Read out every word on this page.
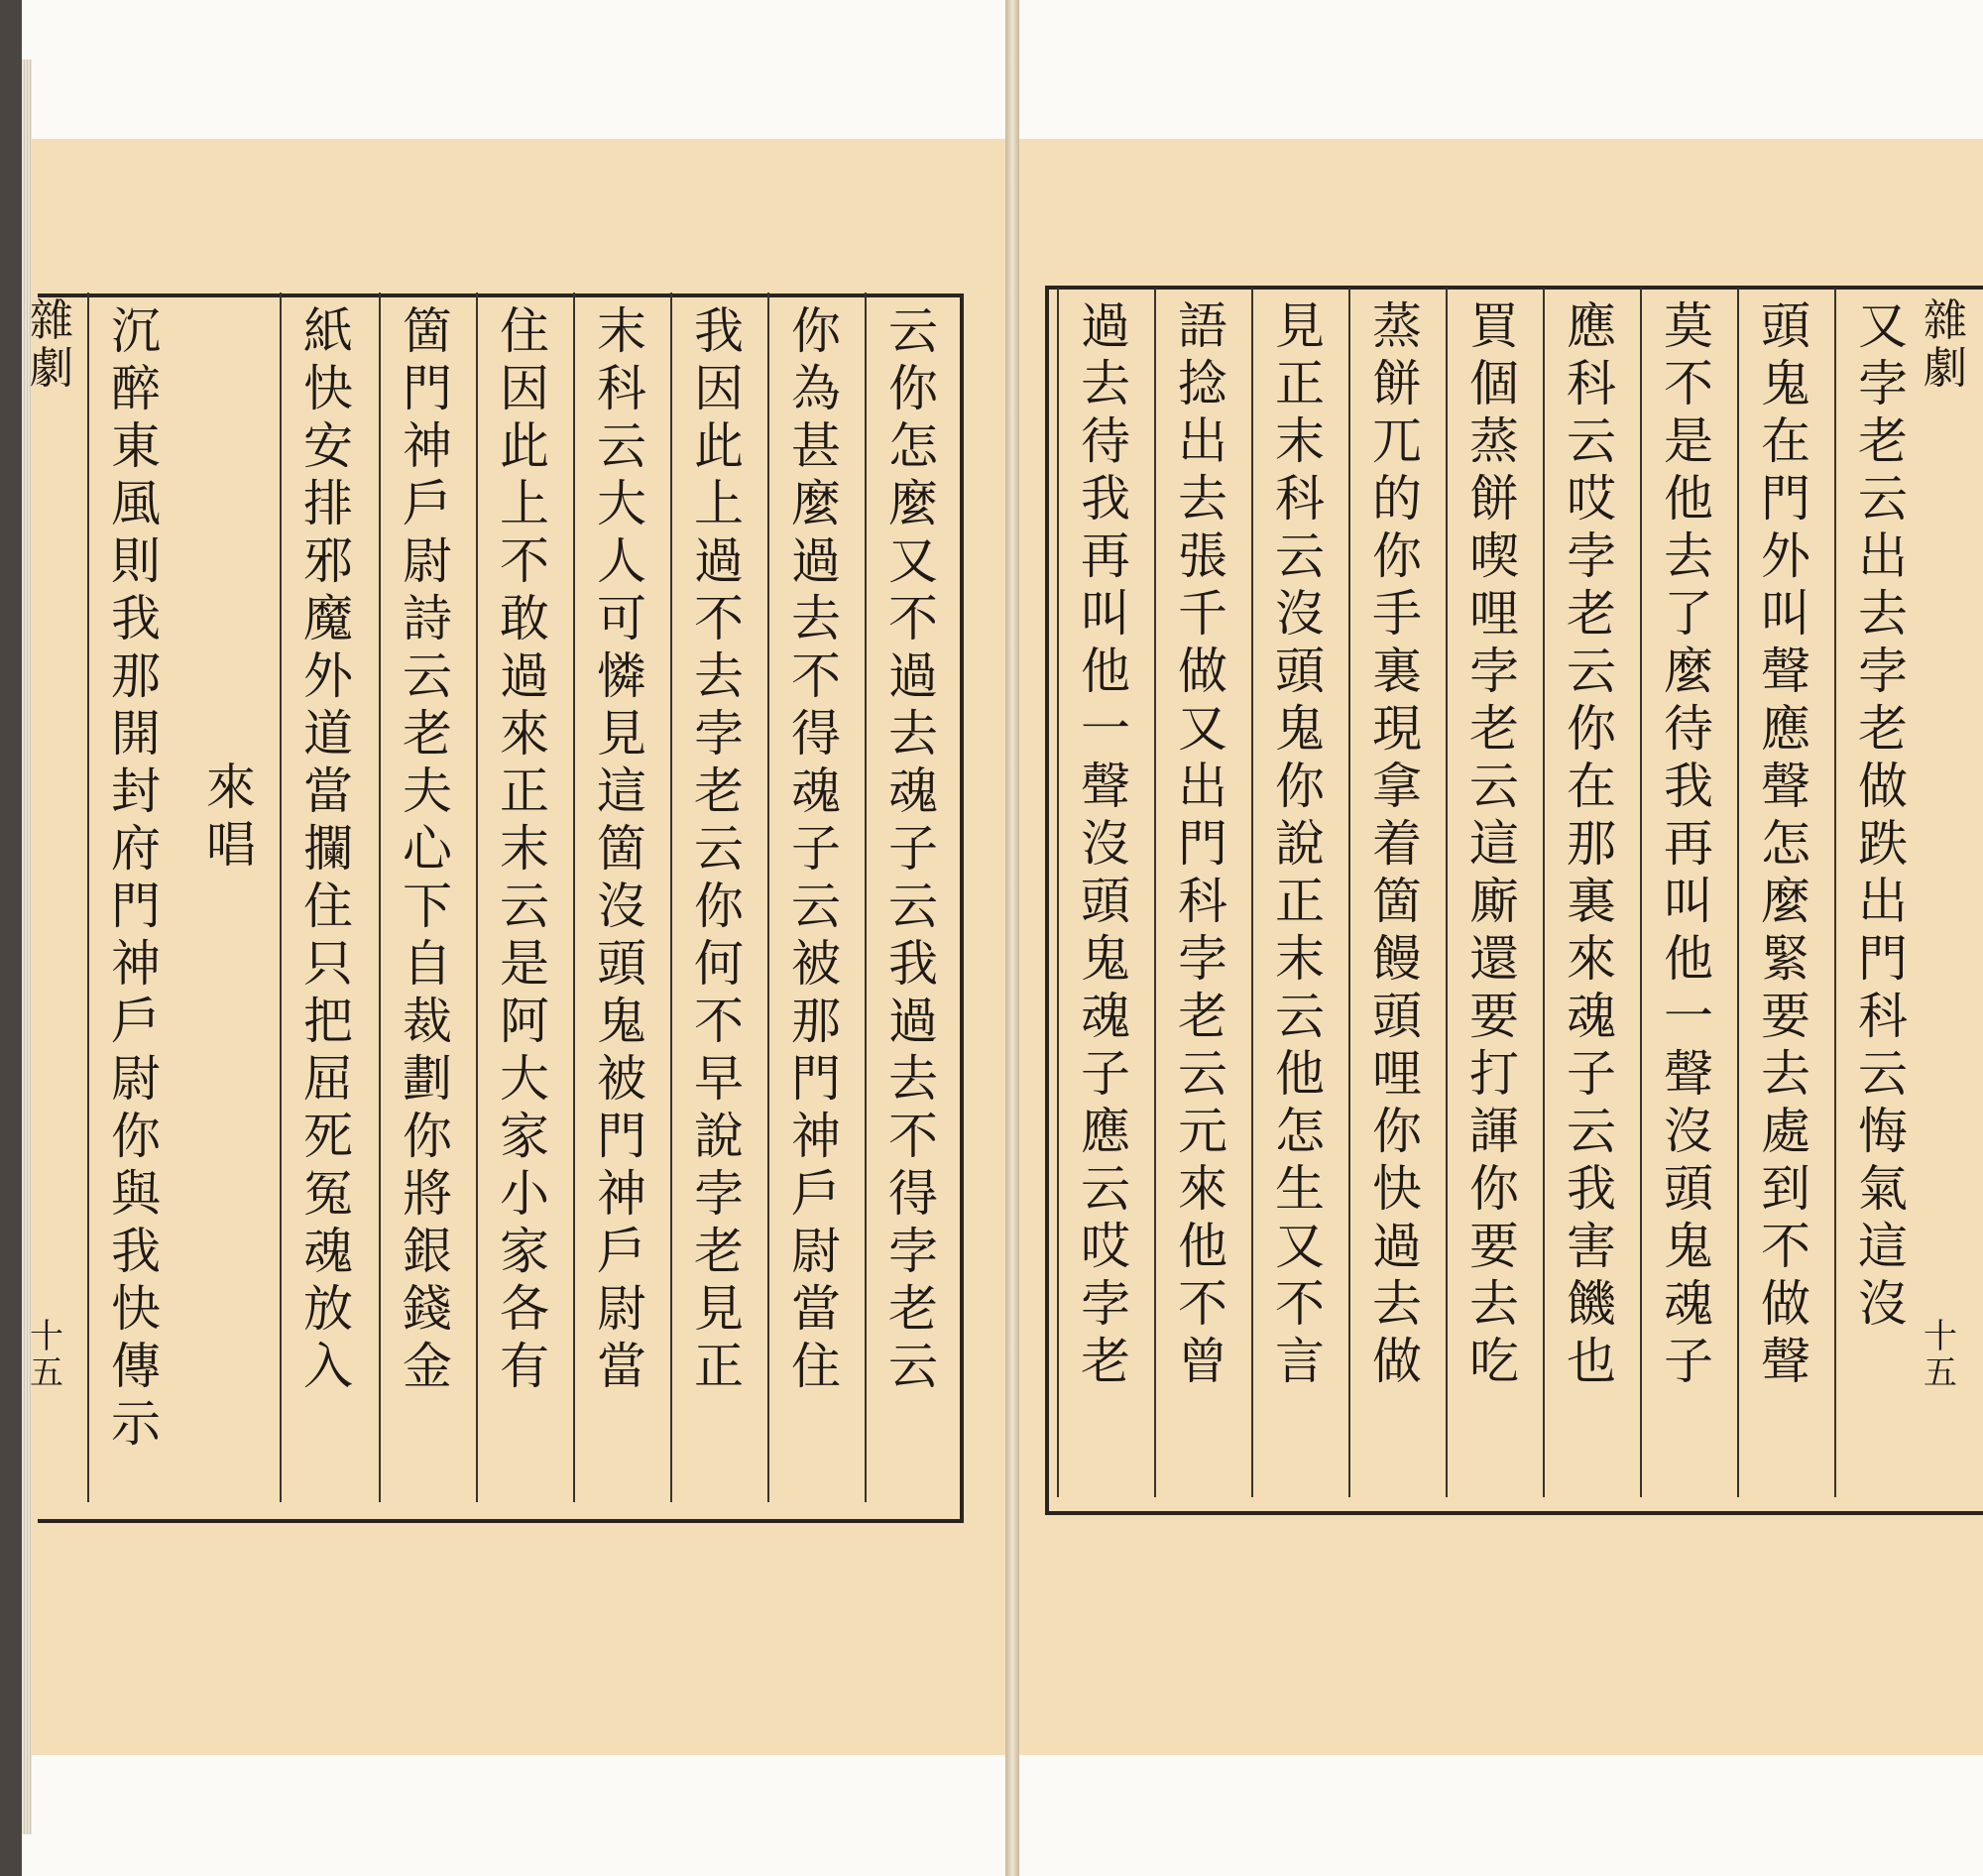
沉
醉
東
風
則
我
那
開
封
府
門
神
戶
尉
你
與
我
快
傳
示
紙
快
安
排
邪
魔
外
道
當
攔
住
只
把
屈
死
冤
魂
放
入
箇
門
神
戶
尉
詩
云
老
夫
心
下
自
裁
劃
你
將
銀
錢
金
住
因
此
上
不
敢
過
來
正
末
云
是
阿
大
家
小
家
各
有
末
科
云
大
人
可
憐
見
這
箇
沒
頭
鬼
被
門
神
戶
尉
當
我
因
此
上
過
不
去
孛
老
云
你
何
不
早
說
孛
老
見
正
你
為
甚
麼
過
去
不
得
魂
子
云
被
那
門
神
戶
尉
當
住
云
你
怎
麼
又
不
過
去
魂
子
云
我
過
去
不
得
孛
老
云
來
唱
又
孛
老
云
出
去
孛
老
做
跌
出
門
科
云
悔
氣
這
沒
頭
鬼
在
門
外
叫
聲
應
聲
怎
麼
緊
要
去
處
到
不
做
聲
莫
不
是
他
去
了
麼
待
我
再
叫
他
一
聲
沒
頭
鬼
魂
子
應
科
云
哎
孛
老
云
你
在
那
裏
來
魂
子
云
我
害
饑
也
買
個
蒸
餅
喫
哩
孛
老
云
這
廝
還
要
打
諢
你
要
去
吃
蒸
餅
兀
的
你
手
裏
現
拿
着
箇
饅
頭
哩
你
快
過
去
做
見
正
末
科
云
沒
頭
鬼
你
說
正
末
云
他
怎
生
又
不
言
語
捻
出
去
張
千
做
又
出
門
科
孛
老
云
元
來
他
不
曾
過
去
待
我
再
叫
他
一
聲
沒
頭
鬼
魂
子
應
云
哎
孛
老
雜劇
十五
雜劇
十五
